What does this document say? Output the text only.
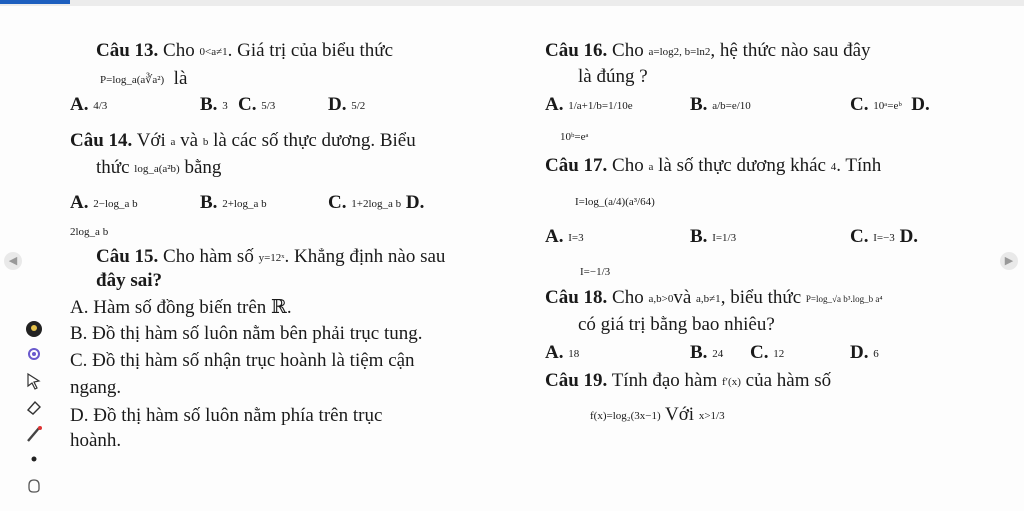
Câu 13. Cho 0<a≠1. Giá trị của biểu thức
P=log_a(a∛a²) là
A. 4/3	B. 3 C. 5/3	D. 5/2
Câu 14. Với a và b là các số thực dương. Biểu
thức log_a(a²b) bằng
A. 2−log_a b	B. 2+log_a b	C. 1+2log_a b D.
2log_a b
Câu 15. Cho hàm số y=12ˣ. Khẳng định nào sau
đây sai?
A. Hàm số đồng biến trên ℝ.
B. Đồ thị hàm số luôn nằm bên phải trục tung.
C. Đồ thị hàm số nhận trục hoành là tiệm cận
ngang.
D. Đồ thị hàm số luôn nằm phía trên trục
hoành.
Câu 16. Cho a=log2, b=ln2, hệ thức nào sau đây
là đúng ?
A. 1/a+1/b=1/10e	B. a/b=e/10	C. 10ᵃ=eᵇ D.
10ᵇ=eᵃ
Câu 17. Cho a là số thực dương khác 4. Tính
I=log_(a/4)(a³/64)
A. I=3	B. I=1/3	C. I=−3 D.
I=−1/3
Câu 18. Cho a,b>0và a,b≠1, biểu thức P=log_√a b³.log_b a⁴
có giá trị bằng bao nhiêu?
A. 18	B. 24 C. 12	D. 6
Câu 19. Tính đạo hàm f′(x) của hàm số
f(x)=log₂(3x−1) Với x>1/3
◀	▶
